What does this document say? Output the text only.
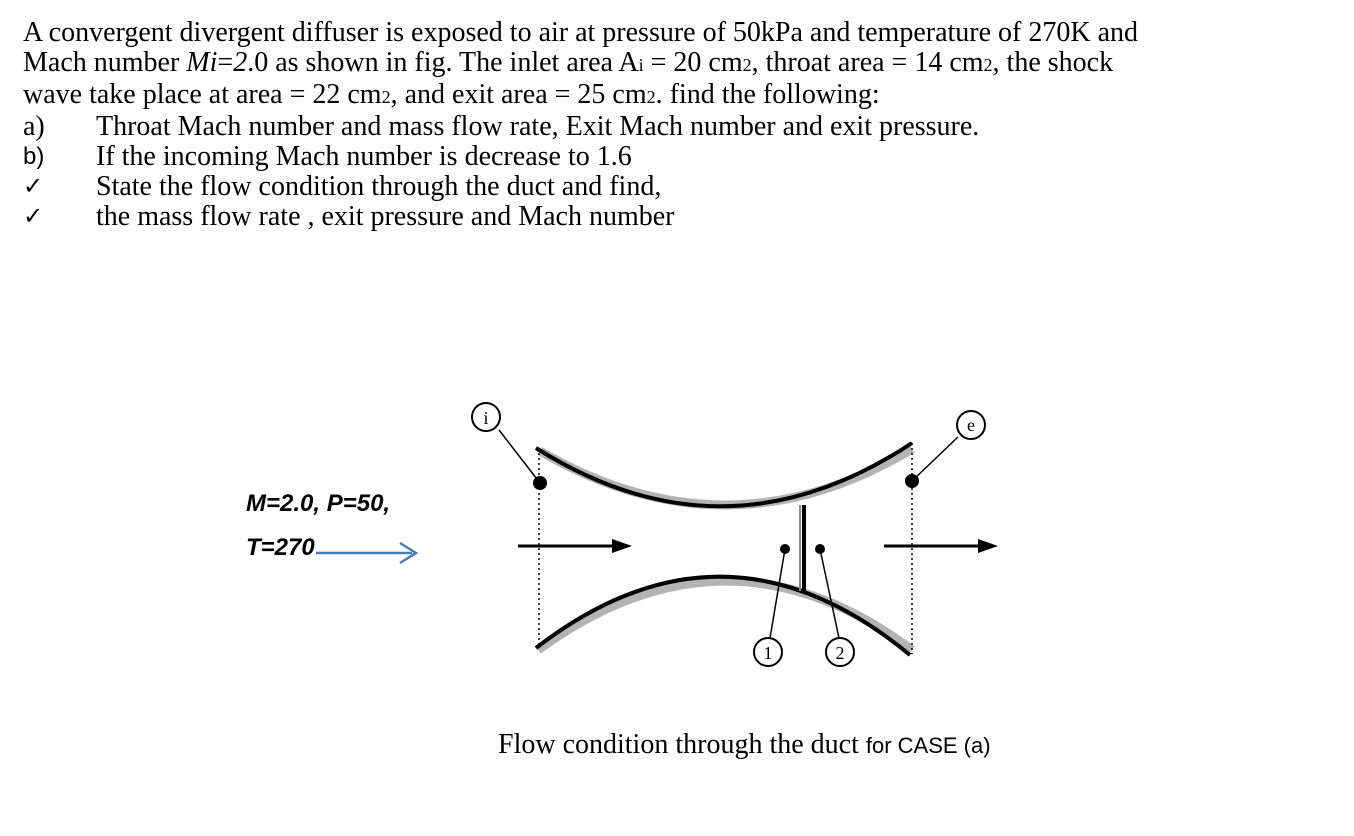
A convergent divergent diffuser is exposed to air at pressure of 50kPa and temperature of 270K and

Mach number Mi=2.0 as shown in fig. The inlet area Ai = 20 cm2, throat area = 14 cm2, the shock

wave take place at area = 22 cm2, and exit area = 25 cm2. find the following:

a) Throat Mach number and mass flow rate, Exit Mach number and exit pressure.
b) If the incoming Mach number is decrease to 1.6
✓ State the flow condition through the duct and find,
✓ the mass flow rate , exit pressure and Mach number
M=2.0, P=50,
T=270
i	e
1	2
Flow condition through the duct for CASE (a)
